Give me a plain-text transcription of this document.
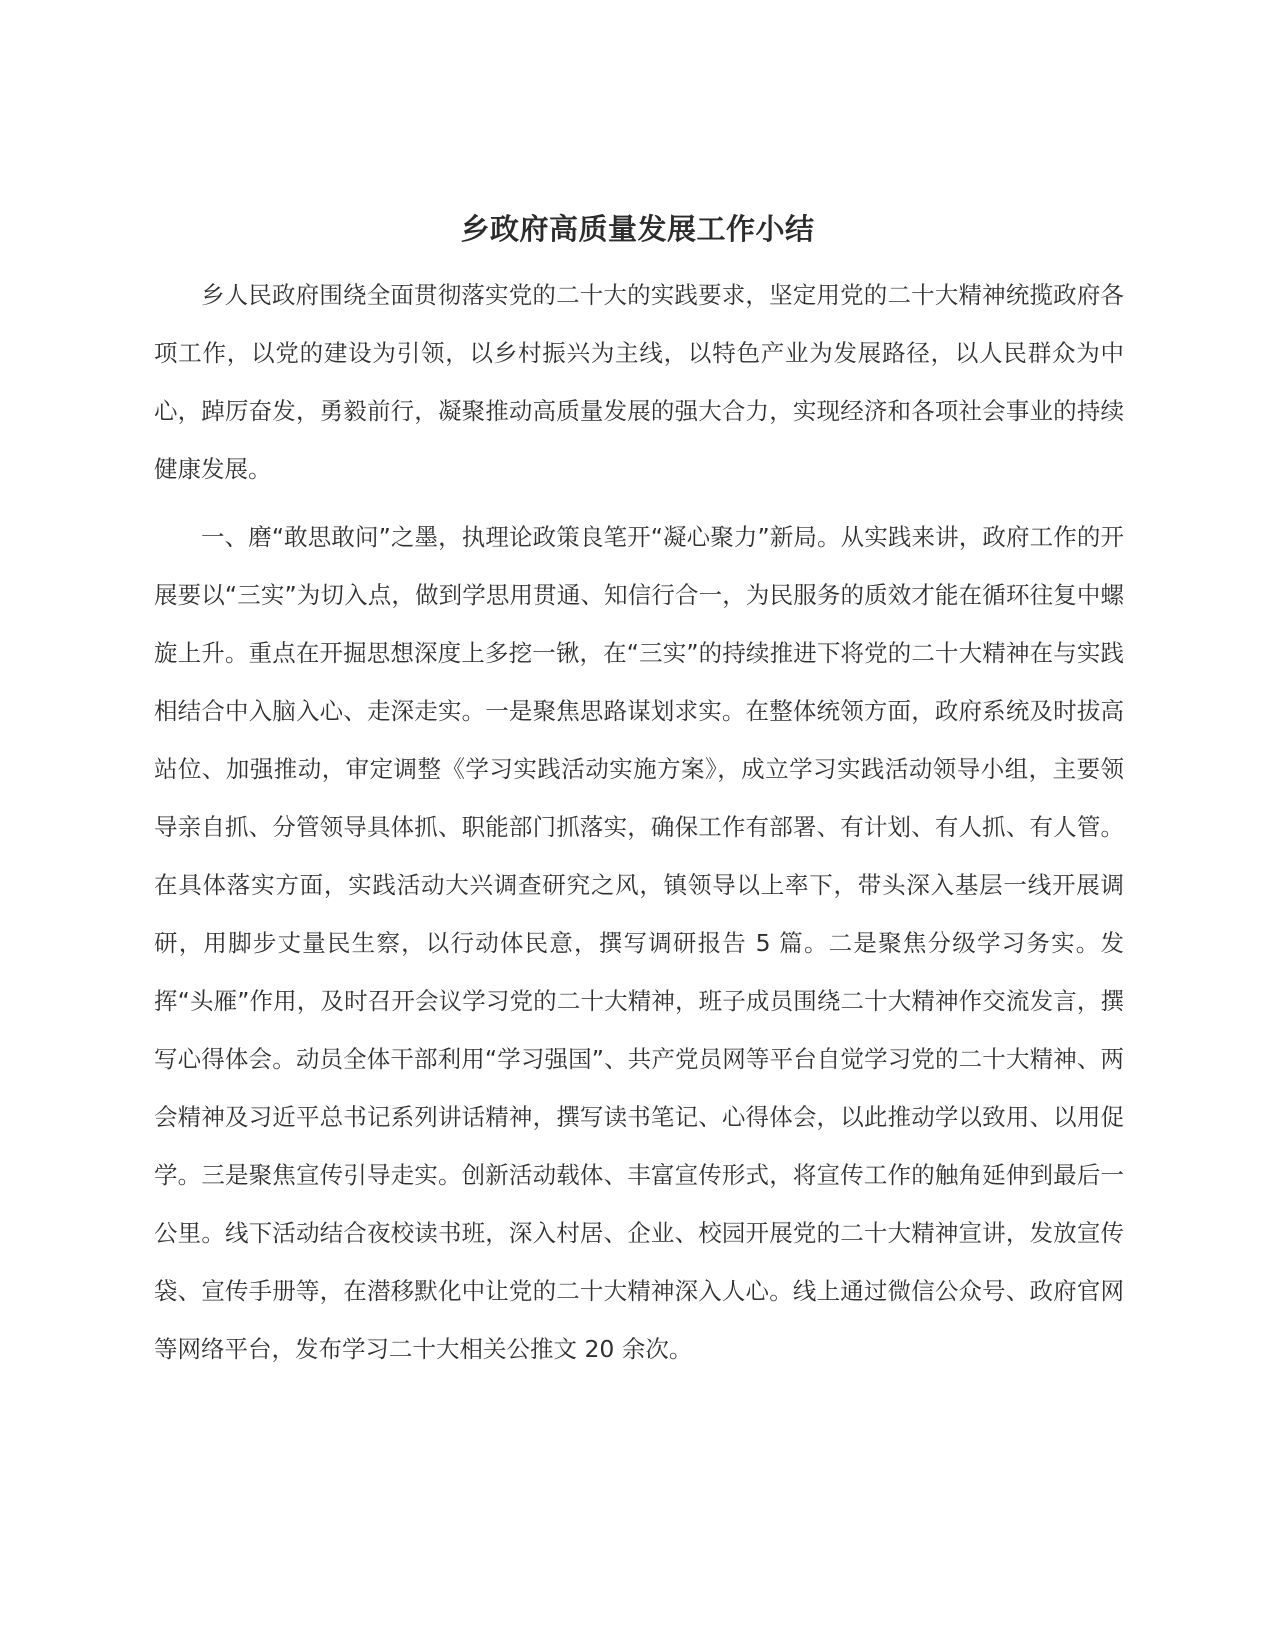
乡政府高质量发展工作小结

乡人民政府围绕全面贯彻落实党的二十大的实践要求，坚定用党的二十大精神统揽政府各项工作，以党的建设为引领，以乡村振兴为主线，以特色产业为发展路径，以人民群众为中心，踔厉奋发，勇毅前行，凝聚推动高质量发展的强大合力，实现经济和各项社会事业的持续健康发展。

一、磨“敢思敢问”之墨，执理论政策良笔开“凝心聚力”新局。从实践来讲，政府工作的开展要以“三实”为切入点，做到学思用贯通、知信行合一，为民服务的质效才能在循环往复中螺旋上升。重点在开掘思想深度上多挖一锹，在“三实”的持续推进下将党的二十大精神在与实践相结合中入脑入心、走深走实。一是聚焦思路谋划求实。在整体统领方面，政府系统及时拔高站位、加强推动，审定调整《学习实践活动实施方案》，成立学习实践活动领导小组，主要领导亲自抓、分管领导具体抓、职能部门抓落实，确保工作有部署、有计划、有人抓、有人管。在具体落实方面，实践活动大兴调查研究之风，镇领导以上率下，带头深入基层一线开展调研，用脚步丈量民生察，以行动体民意，撰写调研报告 5 篇。二是聚焦分级学习务实。发挥“头雁”作用，及时召开会议学习党的二十大精神，班子成员围绕二十大精神作交流发言，撰写心得体会。动员全体干部利用“学习强国”、共产党员网等平台自觉学习党的二十大精神、两会精神及习近平总书记系列讲话精神，撰写读书笔记、心得体会，以此推动学以致用、以用促学。三是聚焦宣传引导走实。创新活动载体、丰富宣传形式，将宣传工作的触角延伸到最后一公里。线下活动结合夜校读书班，深入村居、企业、校园开展党的二十大精神宣讲，发放宣传袋、宣传手册等，在潜移默化中让党的二十大精神深入人心。线上通过微信公众号、政府官网等网络平台，发布学习二十大相关公推文 20 余次。
